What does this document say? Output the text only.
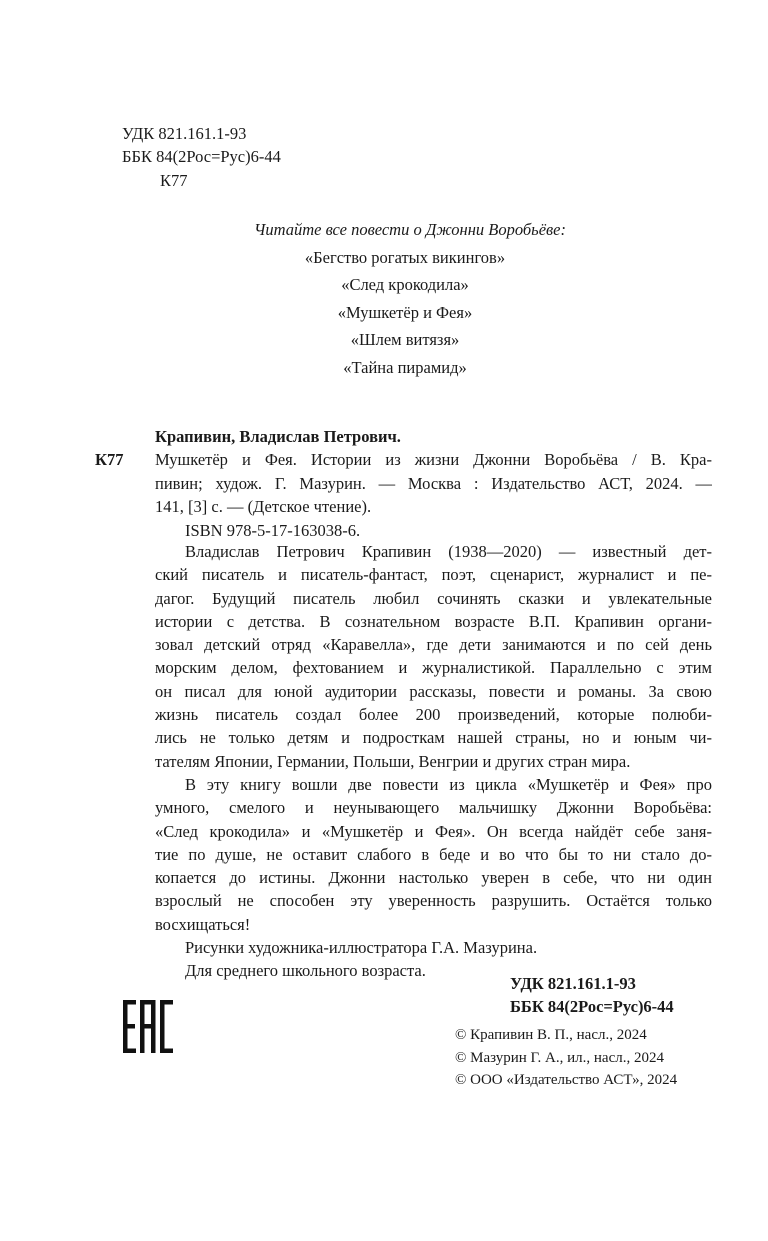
УДК 821.161.1-93
ББК 84(2Рос=Рус)6-44
К77
Читайте все повести о Джонни Воробьёве:
«Бегство рогатых викингов»
«След крокодила»
«Мушкетёр и Фея»
«Шлем витязя»
«Тайна пирамид»
К77
Крапивин, Владислав Петрович.
Мушкетёр и Фея. Истории из жизни Джонни Воробьёва / В. Кра-
пивин; худож. Г. Мазурин. — Москва : Издательство АСТ, 2024. —
141, [3] с. — (Детское чтение).
ISBN 978-5-17-163038-6.
Владислав Петрович Крапивин (1938—2020) — известный дет-
ский писатель и писатель-фантаст, поэт, сценарист, журналист и пе-
дагог. Будущий писатель любил сочинять сказки и увлекательные
истории с детства. В сознательном возрасте В.П. Крапивин органи-
зовал детский отряд «Каравелла», где дети занимаются и по сей день
морским делом, фехтованием и журналистикой. Параллельно с этим
он писал для юной аудитории рассказы, повести и романы. За свою
жизнь писатель создал более 200 произведений, которые полюби-
лись не только детям и подросткам нашей страны, но и юным чи-
тателям Японии, Германии, Польши, Венгрии и других стран мира.
В эту книгу вошли две повести из цикла «Мушкетёр и Фея» про
умного, смелого и неунывающего мальчишку Джонни Воробьёва:
«След крокодила» и «Мушкетёр и Фея». Он всегда найдёт себе заня-
тие по душе, не оставит слабого в беде и во что бы то ни стало до-
копается до истины. Джонни настолько уверен в себе, что ни один
взрослый не способен эту уверенность разрушить. Остаётся только
восхищаться!
Рисунки художника-иллюстратора Г.А. Мазурина.
Для среднего школьного возраста.
УДК 821.161.1-93
ББК 84(2Рос=Рус)6-44
© Крапивин В. П., насл., 2024
© Мазурин Г. А., ил., насл., 2024
© ООО «Издательство АСТ», 2024
